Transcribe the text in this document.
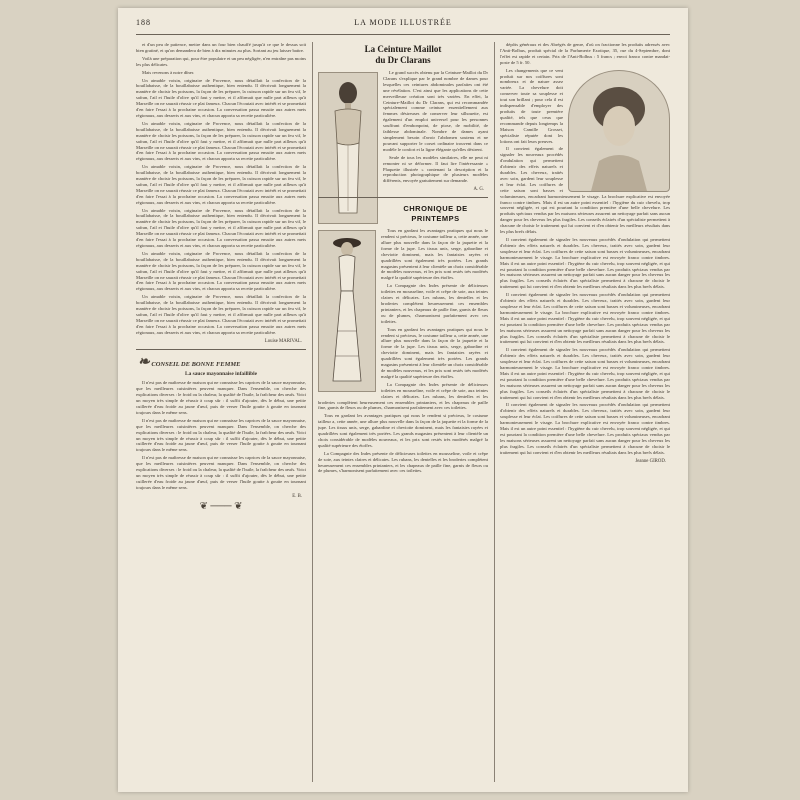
188	LA MODE ILLUSTRÉE

et d'un peu de patience, mettre dans un four bien chauffé jusqu'à ce que le dessus soit bien gratiné, et qu'on demandera de bien à dix minutes au plus. Sortant au jeu laisser battre.

Voilà une préparation qui, pour être populaire et un peu négligée, n'en entraîne pas moins les plus délicates.

Mais revenons à notre dîner.

Un aimable voisin, originaire de Provence, nous détaillait la confection de la bouillabaisse, de la bouillabaisse authentique, bien entendu. Il décrivait longuement la manière de choisir les poissons, la façon de les préparer, la cuisson rapide sur un feu vif, le safran, l'ail et l'huile d'olive qu'il faut y mettre, et il affirmait que nulle part ailleurs qu'à Marseille on ne saurait réussir ce plat fameux. Chacun l'écoutait avec intérêt et se promettait d'en faire l'essai à la prochaine occasion. La conversation passa ensuite aux autres mets régionaux, aux desserts et aux vins, et chacun apporta sa recette particulière.

Un aimable voisin, originaire de Provence, nous détaillait la confection de la bouillabaisse, de la bouillabaisse authentique, bien entendu. Il décrivait longuement la manière de choisir les poissons, la façon de les préparer, la cuisson rapide sur un feu vif, le safran, l'ail et l'huile d'olive qu'il faut y mettre, et il affirmait que nulle part ailleurs qu'à Marseille on ne saurait réussir ce plat fameux. Chacun l'écoutait avec intérêt et se promettait d'en faire l'essai à la prochaine occasion. La conversation passa ensuite aux autres mets régionaux, aux desserts et aux vins, et chacun apporta sa recette particulière.

Un aimable voisin, originaire de Provence, nous détaillait la confection de la bouillabaisse, de la bouillabaisse authentique, bien entendu. Il décrivait longuement la manière de choisir les poissons, la façon de les préparer, la cuisson rapide sur un feu vif, le safran, l'ail et l'huile d'olive qu'il faut y mettre, et il affirmait que nulle part ailleurs qu'à Marseille on ne saurait réussir ce plat fameux. Chacun l'écoutait avec intérêt et se promettait d'en faire l'essai à la prochaine occasion. La conversation passa ensuite aux autres mets régionaux, aux desserts et aux vins, et chacun apporta sa recette particulière.

Un aimable voisin, originaire de Provence, nous détaillait la confection de la bouillabaisse, de la bouillabaisse authentique, bien entendu. Il décrivait longuement la manière de choisir les poissons, la façon de les préparer, la cuisson rapide sur un feu vif, le safran, l'ail et l'huile d'olive qu'il faut y mettre, et il affirmait que nulle part ailleurs qu'à Marseille on ne saurait réussir ce plat fameux. Chacun l'écoutait avec intérêt et se promettait d'en faire l'essai à la prochaine occasion. La conversation passa ensuite aux autres mets régionaux, aux desserts et aux vins, et chacun apporta sa recette particulière.

Un aimable voisin, originaire de Provence, nous détaillait la confection de la bouillabaisse, de la bouillabaisse authentique, bien entendu. Il décrivait longuement la manière de choisir les poissons, la façon de les préparer, la cuisson rapide sur un feu vif, le safran, l'ail et l'huile d'olive qu'il faut y mettre, et il affirmait que nulle part ailleurs qu'à Marseille on ne saurait réussir ce plat fameux. Chacun l'écoutait avec intérêt et se promettait d'en faire l'essai à la prochaine occasion. La conversation passa ensuite aux autres mets régionaux, aux desserts et aux vins, et chacun apporta sa recette particulière.

Un aimable voisin, originaire de Provence, nous détaillait la confection de la bouillabaisse, de la bouillabaisse authentique, bien entendu. Il décrivait longuement la manière de choisir les poissons, la façon de les préparer, la cuisson rapide sur un feu vif, le safran, l'ail et l'huile d'olive qu'il faut y mettre, et il affirmait que nulle part ailleurs qu'à Marseille on ne saurait réussir ce plat fameux. Chacun l'écoutait avec intérêt et se promettait d'en faire l'essai à la prochaine occasion. La conversation passa ensuite aux autres mets régionaux, aux desserts et aux vins, et chacun apporta sa recette particulière.

Louise MARIVAL.
❧ CONSEIL DE BONNE FEMME
La sauce mayonnaise infaillible

Il n'est pas de maîtresse de maison qui ne connaisse les caprices de la sauce mayonnaise, que les meilleures cuisinières peuvent manquer. Dans l'ensemble, on cherche des explications diverses : le froid ou la chaleur, la qualité de l'huile, la fraîcheur des œufs. Voici un moyen très simple de réussir à coup sûr : il suffit d'ajouter, dès le début, une petite cuillerée d'eau froide au jaune d'œuf, puis de verser l'huile goutte à goutte en tournant toujours dans le même sens.

Il n'est pas de maîtresse de maison qui ne connaisse les caprices de la sauce mayonnaise, que les meilleures cuisinières peuvent manquer. Dans l'ensemble, on cherche des explications diverses : le froid ou la chaleur, la qualité de l'huile, la fraîcheur des œufs. Voici un moyen très simple de réussir à coup sûr : il suffit d'ajouter, dès le début, une petite cuillerée d'eau froide au jaune d'œuf, puis de verser l'huile goutte à goutte en tournant toujours dans le même sens.

Il n'est pas de maîtresse de maison qui ne connaisse les caprices de la sauce mayonnaise, que les meilleures cuisinières peuvent manquer. Dans l'ensemble, on cherche des explications diverses : le froid ou la chaleur, la qualité de l'huile, la fraîcheur des œufs. Voici un moyen très simple de réussir à coup sûr : il suffit d'ajouter, dès le début, une petite cuillerée d'eau froide au jaune d'œuf, puis de verser l'huile goutte à goutte en tournant toujours dans le même sens.

E. B.
❦ ─── ❦
La Ceinture Maillot
du Dr Clarans

Le grand succès obtenu par la Ceinture-Maillot du Dr Clarans s'explique par le grand nombre de dames pour lesquelles ces ceintures abdominales parfaites ont été une révélation. C'est ainsi que les applications de cette merveilleuse création sont très variées. En effet, la Ceinture-Maillot du Dr Clarans, qui est recommandée spécialement comme ceinture essentiellement aux femmes désireuses de conserver leur silhouette, est également d'un emploi universel pour les personnes souffrant d'embonpoint, de ptose, de mobilité, de faiblesse abdominale. Nombre de dames ayant simplement besoin d'avoir l'abdomen soutenu et ne pouvant supporter le corset ordinaire trouvent dans ce modèle le confort et la ligne élégante qu'elles désirent.

Seule de tous les modèles similaires, elle ne peut ni remonter ni se déformer. Il faut lire l'intéressante « Plaquette illustrée » contenant la description et la reproduction photographique de plusieurs modèles différents, envoyée gratuitement sur demande.

A. G.
CHRONIQUE DE PRINTEMPS

Tous en gardant les avantages pratiques qui nous le rendent si précieux, le costume tailleur a, cette année, une allure plus nouvelle dans la façon de la jaquette et la forme de la jupe. Les tissus unis, serge, gabardine et cheviotte dominent, mais les fantaisies rayées et quadrillées sont également très portées. Les grands magasins présentent à leur clientèle un choix considérable de modèles nouveaux, et les prix sont restés très modérés malgré la qualité supérieure des étoffes.

La Compagnie des Indes présente de délicieuses toilettes en mousseline, voile et crêpe de soie, aux teintes claires et délicates. Les rubans, les dentelles et les broderies complètent heureusement ces ensembles printaniers, et les chapeaux de paille fine, garnis de fleurs ou de plumes, s'harmonisent parfaitement avec ces toilettes.

Tous en gardant les avantages pratiques qui nous le rendent si précieux, le costume tailleur a, cette année, une allure plus nouvelle dans la façon de la jaquette et la forme de la jupe. Les tissus unis, serge, gabardine et cheviotte dominent, mais les fantaisies rayées et quadrillées sont également très portées. Les grands magasins présentent à leur clientèle un choix considérable de modèles nouveaux, et les prix sont restés très modérés malgré la qualité supérieure des étoffes.

La Compagnie des Indes présente de délicieuses toilettes en mousseline, voile et crêpe de soie, aux teintes claires et délicates. Les rubans, les dentelles et les broderies complètent heureusement ces ensembles printaniers, et les chapeaux de paille fine, garnis de fleurs ou de plumes, s'harmonisent parfaitement avec ces toilettes.

Tous en gardant les avantages pratiques qui nous le rendent si précieux, le costume tailleur a, cette année, une allure plus nouvelle dans la façon de la jaquette et la forme de la jupe. Les tissus unis, serge, gabardine et cheviotte dominent, mais les fantaisies rayées et quadrillées sont également très portées. Les grands magasins présentent à leur clientèle un choix considérable de modèles nouveaux, et les prix sont restés très modérés malgré la qualité supérieure des étoffes.

La Compagnie des Indes présente de délicieuses toilettes en mousseline, voile et crêpe de soie, aux teintes claires et délicates. Les rubans, les dentelles et les broderies complètent heureusement ces ensembles printaniers, et les chapeaux de paille fine, garnis de fleurs ou de plumes, s'harmonisent parfaitement avec ces toilettes.

dépôts généraux et des Abrégés de genre, d'où on fractionne les produits adressés avec l'Anti-Bolbus, produit spécial de la Parfumerie Exotique, 35, rue du 4-Septembre, dont l'effet est rapide et certain. Prix de l'Anti-Bolbus : 5 francs ; envoi franco contre mandat-poste de 5 fr. 50.

Les changements que ce vent produit sur nos coiffures sont nombreux et de nature assez variée. La chevelure doit conserver toute sa souplesse et tout son brillant ; pour cela il est indispensable d'employer des produits de toute première qualité, tels que ceux que recommande depuis longtemps la Maison Camille Grosset, spécialiste réputée dont les lotions ont fait leurs preuves.

Il convient également de signaler les nouveaux procédés d'ondulation qui permettent d'obtenir des effets naturels et durables. Les cheveux, traités avec soin, gardent leur souplesse et leur éclat. Les coiffures de cette saison sont basses et volumineuses, encadrant harmonieusement le visage. La brochure explicative est envoyée franco contre timbres. Mais il est un autre point essentiel : l'hygiène du cuir chevelu, trop souvent négligée, et qui est pourtant la condition première d'une belle chevelure. Les produits spéciaux vendus par les maisons sérieuses assurent un nettoyage parfait sans aucun danger pour les cheveux les plus fragiles. Les conseils éclairés d'un spécialiste permettent à chacune de choisir le traitement qui lui convient et d'en obtenir les meilleurs résultats dans les plus brefs délais.

Il convient également de signaler les nouveaux procédés d'ondulation qui permettent d'obtenir des effets naturels et durables. Les cheveux, traités avec soin, gardent leur souplesse et leur éclat. Les coiffures de cette saison sont basses et volumineuses, encadrant harmonieusement le visage. La brochure explicative est envoyée franco contre timbres. Mais il est un autre point essentiel : l'hygiène du cuir chevelu, trop souvent négligée, et qui est pourtant la condition première d'une belle chevelure. Les produits spéciaux vendus par les maisons sérieuses assurent un nettoyage parfait sans aucun danger pour les cheveux les plus fragiles. Les conseils éclairés d'un spécialiste permettent à chacune de choisir le traitement qui lui convient et d'en obtenir les meilleurs résultats dans les plus brefs délais.

Il convient également de signaler les nouveaux procédés d'ondulation qui permettent d'obtenir des effets naturels et durables. Les cheveux, traités avec soin, gardent leur souplesse et leur éclat. Les coiffures de cette saison sont basses et volumineuses, encadrant harmonieusement le visage. La brochure explicative est envoyée franco contre timbres. Mais il est un autre point essentiel : l'hygiène du cuir chevelu, trop souvent négligée, et qui est pourtant la condition première d'une belle chevelure. Les produits spéciaux vendus par les maisons sérieuses assurent un nettoyage parfait sans aucun danger pour les cheveux les plus fragiles. Les conseils éclairés d'un spécialiste permettent à chacune de choisir le traitement qui lui convient et d'en obtenir les meilleurs résultats dans les plus brefs délais.

Il convient également de signaler les nouveaux procédés d'ondulation qui permettent d'obtenir des effets naturels et durables. Les cheveux, traités avec soin, gardent leur souplesse et leur éclat. Les coiffures de cette saison sont basses et volumineuses, encadrant harmonieusement le visage. La brochure explicative est envoyée franco contre timbres. Mais il est un autre point essentiel : l'hygiène du cuir chevelu, trop souvent négligée, et qui est pourtant la condition première d'une belle chevelure. Les produits spéciaux vendus par les maisons sérieuses assurent un nettoyage parfait sans aucun danger pour les cheveux les plus fragiles. Les conseils éclairés d'un spécialiste permettent à chacune de choisir le traitement qui lui convient et d'en obtenir les meilleurs résultats dans les plus brefs délais.

Il convient également de signaler les nouveaux procédés d'ondulation qui permettent d'obtenir des effets naturels et durables. Les cheveux, traités avec soin, gardent leur souplesse et leur éclat. Les coiffures de cette saison sont basses et volumineuses, encadrant harmonieusement le visage. La brochure explicative est envoyée franco contre timbres. Mais il est un autre point essentiel : l'hygiène du cuir chevelu, trop souvent négligée, et qui est pourtant la condition première d'une belle chevelure. Les produits spéciaux vendus par les maisons sérieuses assurent un nettoyage parfait sans aucun danger pour les cheveux les plus fragiles. Les conseils éclairés d'un spécialiste permettent à chacune de choisir le traitement qui lui convient et d'en obtenir les meilleurs résultats dans les plus brefs délais.

Jeanne GIROD.
